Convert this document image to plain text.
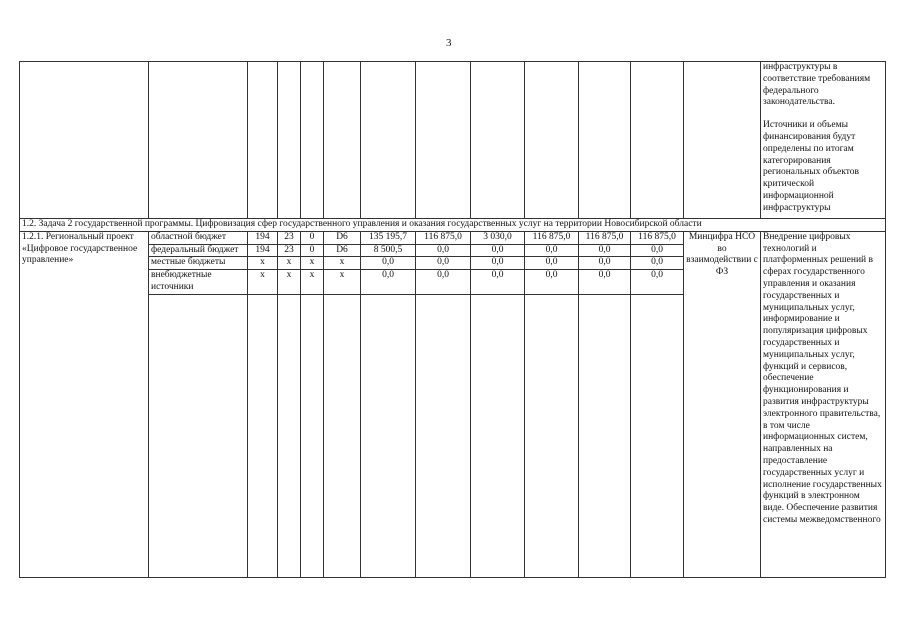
3

													инфраструктуры в соответствие требованиям федерального законодательства.
Источники и объемы финансирования будут определены по итогам категорирования региональных объектов критической информационной инфраструктуры

1.2. Задача 2 государственной программы. Цифровизация сфер государственного управления и оказания государственных услуг на территории Новосибирской области													
1.2.1. Региональный проект «Цифровое государственное управление»	областной бюджет	194	23	0	D6	135 195,7	116 875,0	3 030,0	116 875,0	116 875,0	116 875,0	Минцифра НСО во взаимодействии с ФЗ	Внедрение цифровых технологий и платформенных решений в сферах государственного управления и оказания государственных и муниципальных услуг, информирование и популяризация цифровых государственных и муниципальных услуг, функций и сервисов, обеспечение функционирования и развития инфраструктуры электронного правительства, в том числе информационных систем, направленных на предоставление государственных услуг и исполнение государственных функций в электронном виде. Обеспечение развития системы межведомственного
	федеральный бюджет	194	23	0	D6	8 500,5	0,0	0,0	0,0	0,0	0,0		
	местные бюджеты	x	x	x	x	0,0	0,0	0,0	0,0	0,0	0,0		
	внебюджетные источники	x	x	x	x	0,0	0,0	0,0	0,0	0,0	0,0		
